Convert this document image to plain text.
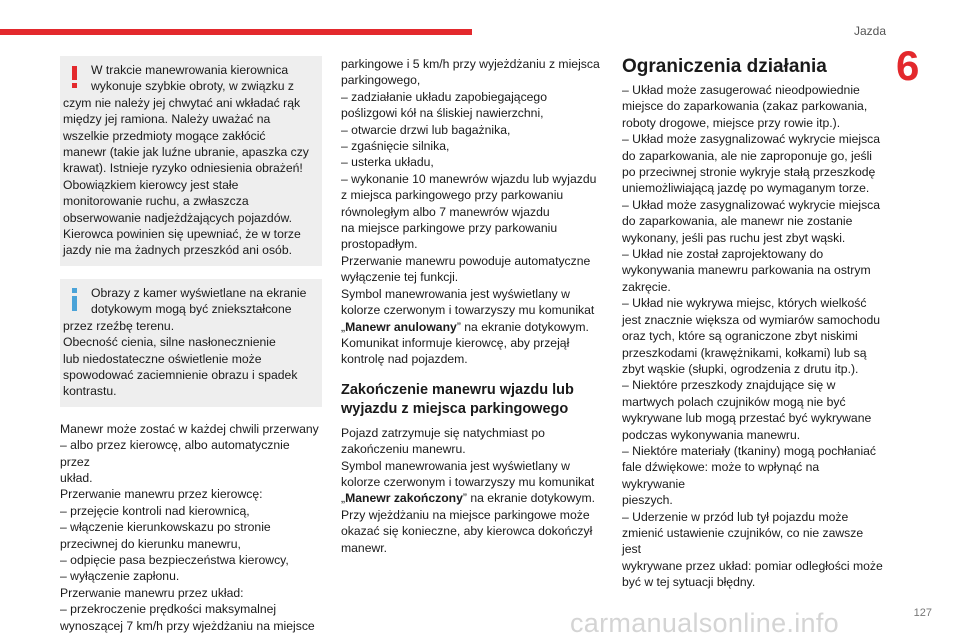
Jazda
6

W trakcie manewrowania kierownica
wykonuje szybkie obroty, w związku z
czym nie należy jej chwytać ani wkładać rąk
między jej ramiona. Należy uważać na
wszelkie przedmioty mogące zakłócić
manewr (takie jak luźne ubranie, apaszka czy
krawat). Istnieje ryzyko odniesienia obrażeń!
Obowiązkiem kierowcy jest stałe
monitorowanie ruchu, a zwłaszcza
obserwowanie nadjeżdżających pojazdów.
Kierowca powinien się upewniać, że w torze
jazdy nie ma żadnych przeszkód ani osób.

Obrazy z kamer wyświetlane na ekranie
dotykowym mogą być zniekształcone
przez rzeźbę terenu.
Obecność cienia, silne nasłonecznienie
lub niedostateczne oświetlenie może
spowodować zaciemnienie obrazu i spadek
kontrastu.

Manewr może zostać w każdej chwili przerwany
– albo przez kierowcę, albo automatycznie przez
układ.
Przerwanie manewru przez kierowcę:
– przejęcie kontroli nad kierownicą,
– włączenie kierunkowskazu po stronie
przeciwnej do kierunku manewru,
– odpięcie pasa bezpieczeństwa kierowcy,
– wyłączenie zapłonu.
Przerwanie manewru przez układ:
– przekroczenie prędkości maksymalnej
wynoszącej 7 km/h przy wjeżdżaniu na miejsce
parkingowe i 5 km/h przy wyjeżdżaniu z miejsca
parkingowego,
– zadziałanie układu zapobiegającego
poślizgowi kół na śliskiej nawierzchni,
– otwarcie drzwi lub bagażnika,
– zgaśnięcie silnika,
– usterka układu,
– wykonanie 10 manewrów wjazdu lub wyjazdu
z miejsca parkingowego przy parkowaniu
równoległym albo 7 manewrów wjazdu
na miejsce parkingowe przy parkowaniu
prostopadłym.
Przerwanie manewru powoduje automatyczne
wyłączenie tej funkcji.
Symbol manewrowania jest wyświetlany w
kolorze czerwonym i towarzyszy mu komunikat
„Manewr anulowany” na ekranie dotykowym.
Komunikat informuje kierowcę, aby przejął
kontrolę nad pojazdem.
Zakończenie manewru wjazdu lub
wyjazdu z miejsca parkingowego
Pojazd zatrzymuje się natychmiast po
zakończeniu manewru.
Symbol manewrowania jest wyświetlany w
kolorze czerwonym i towarzyszy mu komunikat
„Manewr zakończony” na ekranie dotykowym.
Przy wjeżdżaniu na miejsce parkingowe może
okazać się konieczne, aby kierowca dokończył
manewr.
Ograniczenia działania
– Układ może zasugerować nieodpowiednie
miejsce do zaparkowania (zakaz parkowania,
roboty drogowe, miejsce przy rowie itp.).
– Układ może zasygnalizować wykrycie miejsca
do zaparkowania, ale nie zaproponuje go, jeśli
po przeciwnej stronie wykryje stałą przeszkodę
uniemożliwiającą jazdę po wymaganym torze.
– Układ może zasygnalizować wykrycie miejsca
do zaparkowania, ale manewr nie zostanie
wykonany, jeśli pas ruchu jest zbyt wąski.
– Układ nie został zaprojektowany do
wykonywania manewru parkowania na ostrym
zakręcie.
– Układ nie wykrywa miejsc, których wielkość
jest znacznie większa od wymiarów samochodu
oraz tych, które są ograniczone zbyt niskimi
przeszkodami (krawężnikami, kołkami) lub są
zbyt wąskie (słupki, ogrodzenia z drutu itp.).
– Niektóre przeszkody znajdujące się w
martwych polach czujników mogą nie być
wykrywane lub mogą przestać być wykrywane
podczas wykonywania manewru.
– Niektóre materiały (tkaniny) mogą pochłaniać
fale dźwiękowe: może to wpłynąć na wykrywanie
pieszych.
– Uderzenie w przód lub tył pojazdu może
zmienić ustawienie czujników, co nie zawsze jest
wykrywane przez układ: pomiar odległości może
być w tej sytuacji błędny.
carmanualsonline.info	127
